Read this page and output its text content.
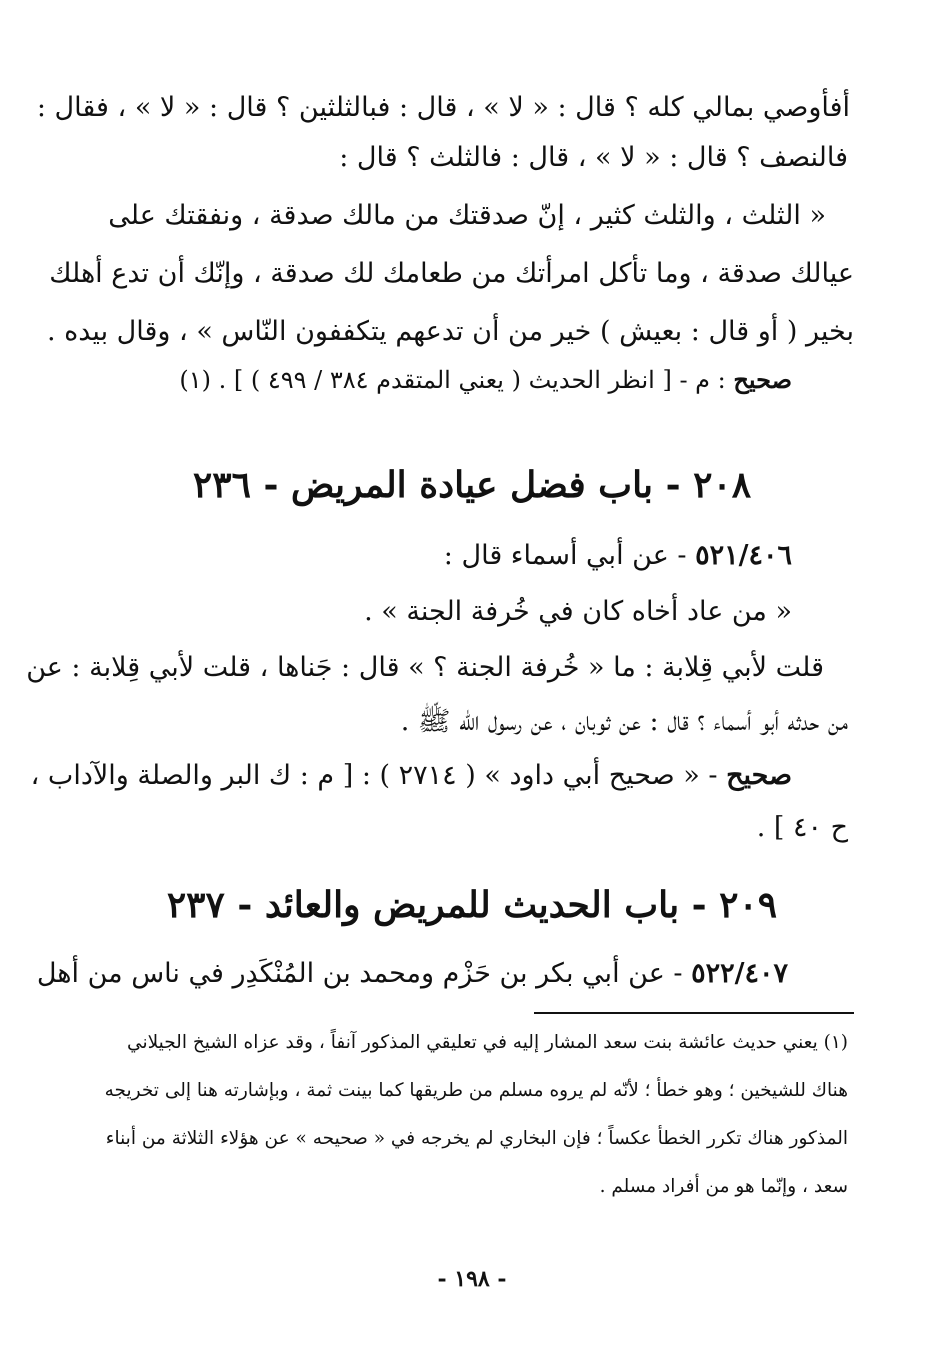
أفأوصي بمالي كله ؟ قال : « لا » ، قال : فبالثلثين ؟ قال : « لا » ، فقال :
فالنصف ؟ قال : « لا » ، قال : فالثلث ؟ قال :
« الثلث ، والثلث كثير ، إنّ صدقتك من مالك صدقة ، ونفقتك على
عيالك صدقة ، وما تأكل امرأتك من طعامك لك صدقة ، وإنّك أن تدع أهلك
بخير ( أو قال : بعيش ) خير من أن تدعهم يتكففون النّاس » ، وقال بيده .
صحيح : م - [ انظر الحديث ( يعني المتقدم ٣٨٤ / ٤٩٩ ) ] . (١)
٢٠٨ - باب فضل عيادة المريض - ٢٣٦
٥٢١/٤٠٦ - عن أبي أسماء قال :
« من عاد أخاه كان في خُرفة الجنة » .
قلت لأبي قِلابة : ما « خُرفة الجنة ؟ » قال : جَناها ، قلت لأبي قِلابة : عن
من حدثه أبو أسماء ؟ قال : عن ثوبان ، عن رسول الله ﷺ .
صحيح - « صحيح أبي داود » ( ٢٧١٤ ) : [ م : ك البر والصلة والآداب ،
ح ٤٠ ] .
٢٠٩ - باب الحديث للمريض والعائد - ٢٣٧
٥٢٢/٤٠٧ - عن أبي بكر بن حَزْم ومحمد بن المُنْكَدِر في ناس من أهل
(١) يعني حديث عائشة بنت سعد المشار إليه في تعليقي المذكور آنفاً ، وقد عزاه الشيخ الجيلاني
هناك للشيخين ؛ وهو خطأ ؛ لأنّه لم يروه مسلم من طريقها كما بينت ثمة ، وبإشارته هنا إلى تخريجه
المذكور هناك تكرر الخطأ عكساً ؛ فإن البخاري لم يخرجه في « صحيحه » عن هؤلاء الثلاثة من أبناء
سعد ، وإنّما هو من أفراد مسلم .
- ١٩٨ -
